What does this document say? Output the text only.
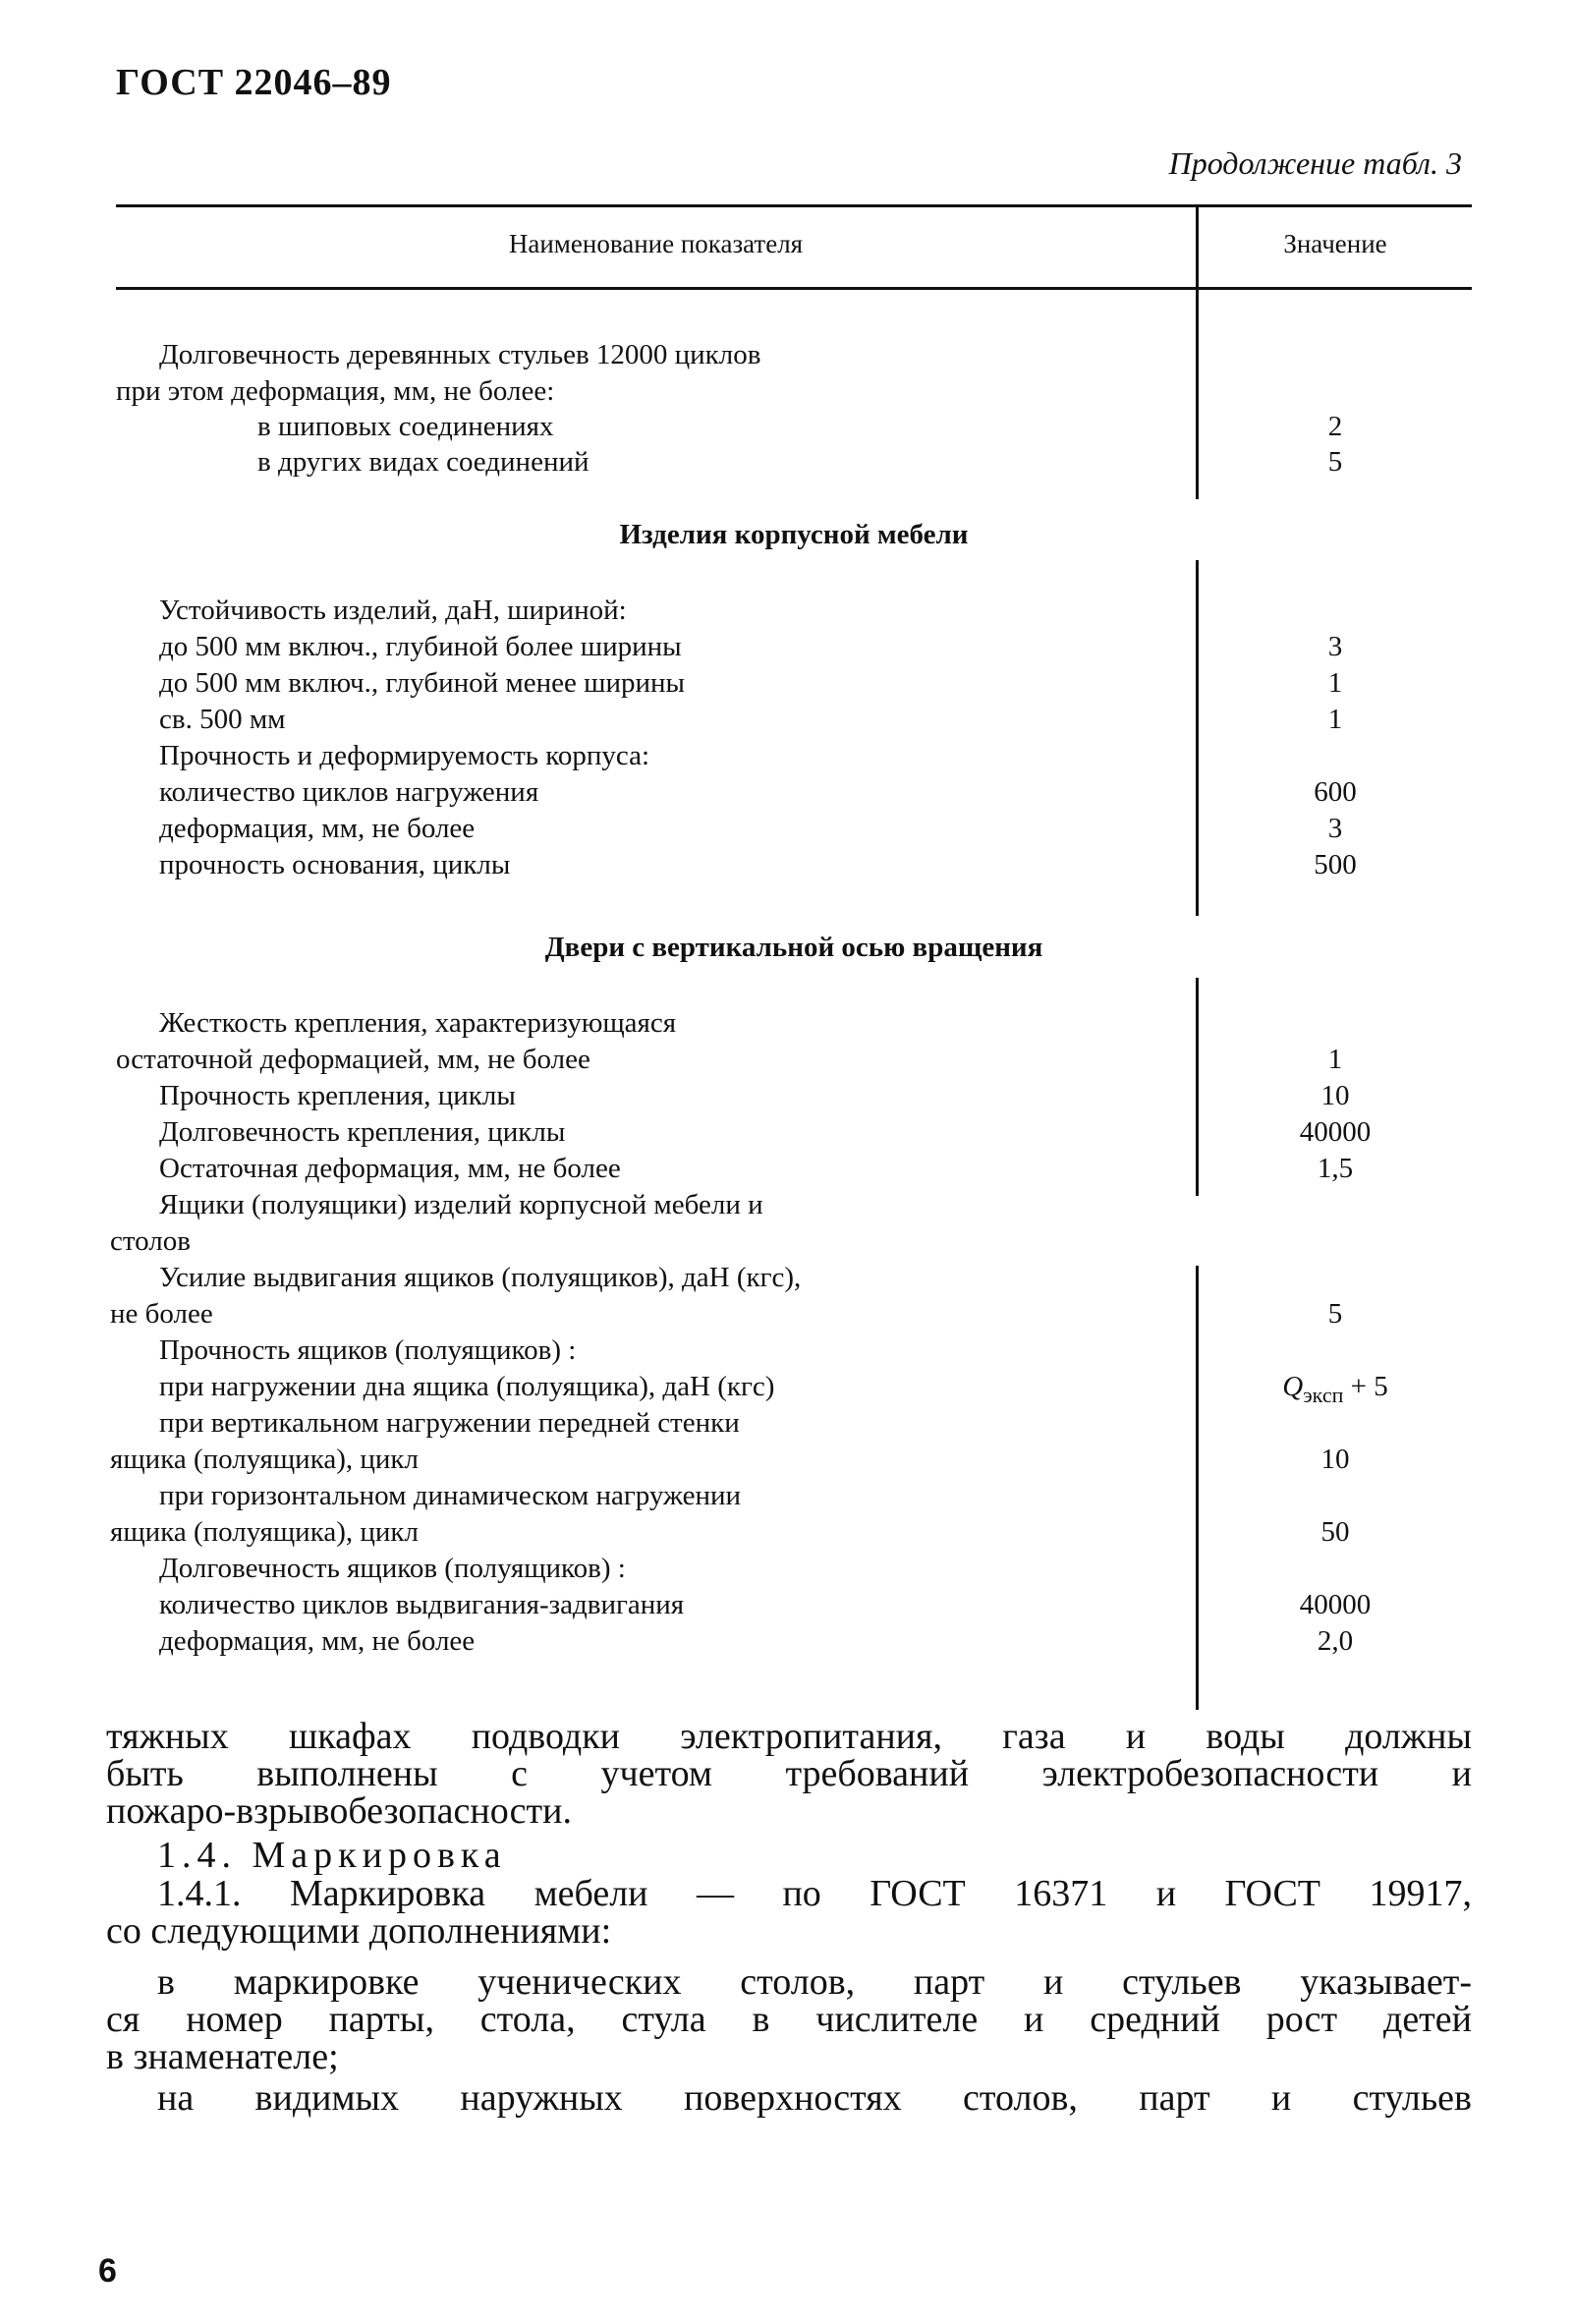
ГОСТ 22046–89
Продолжение табл. 3
Наименование показателя	Значение
Долговечность деревянных стульев 12000 циклов
при этом деформация, мм, не более:
в шиповых соединениях	2
в других видах соединений	5
Изделия корпусной мебели
Устойчивость изделий, даН, шириной:
до 500 мм включ., глубиной более ширины	3
до 500 мм включ., глубиной менее ширины	1
св. 500 мм	1
Прочность и деформируемость корпуса:
количество циклов нагружения	600
деформация, мм, не более	3
прочность основания, циклы	500
Двери с вертикальной осью вращения
Жесткость крепления, характеризующаяся
остаточной деформацией, мм, не более	1
Прочность крепления, циклы	10
Долговечность крепления, циклы	40000
Остаточная деформация, мм, не более	1,5
Ящики (полуящики) изделий корпусной мебели и
столов
Усилие выдвигания ящиков (полуящиков), даН (кгс),
не более	5
Прочность ящиков (полуящиков) :
при нагружении дна ящика (полуящика), даН (кгс)	$Q_{эксп} + 5$
при вертикальном нагружении передней стенки
ящика (полуящика), цикл	10
при горизонтальном динамическом нагружении
ящика (полуящика), цикл	50
Долговечность ящиков (полуящиков) :
количество циклов выдвигания-задвигания	40000
деформация, мм, не более	2,0
тяжных шкафах подводки электропитания, газа и воды должны
быть выполнены с учетом требований электробезопасности и
пожаро-взрывобезопасности.
1.4. Маркировка
1.4.1. Маркировка мебели — по ГОСТ 16371 и ГОСТ 19917,
со следующими дополнениями:
в маркировке ученических столов, парт и стульев указывает-
ся номер парты, стола, стула в числителе и средний рост детей
в знаменателе;
на видимых наружных поверхностях столов, парт и стульев
6
